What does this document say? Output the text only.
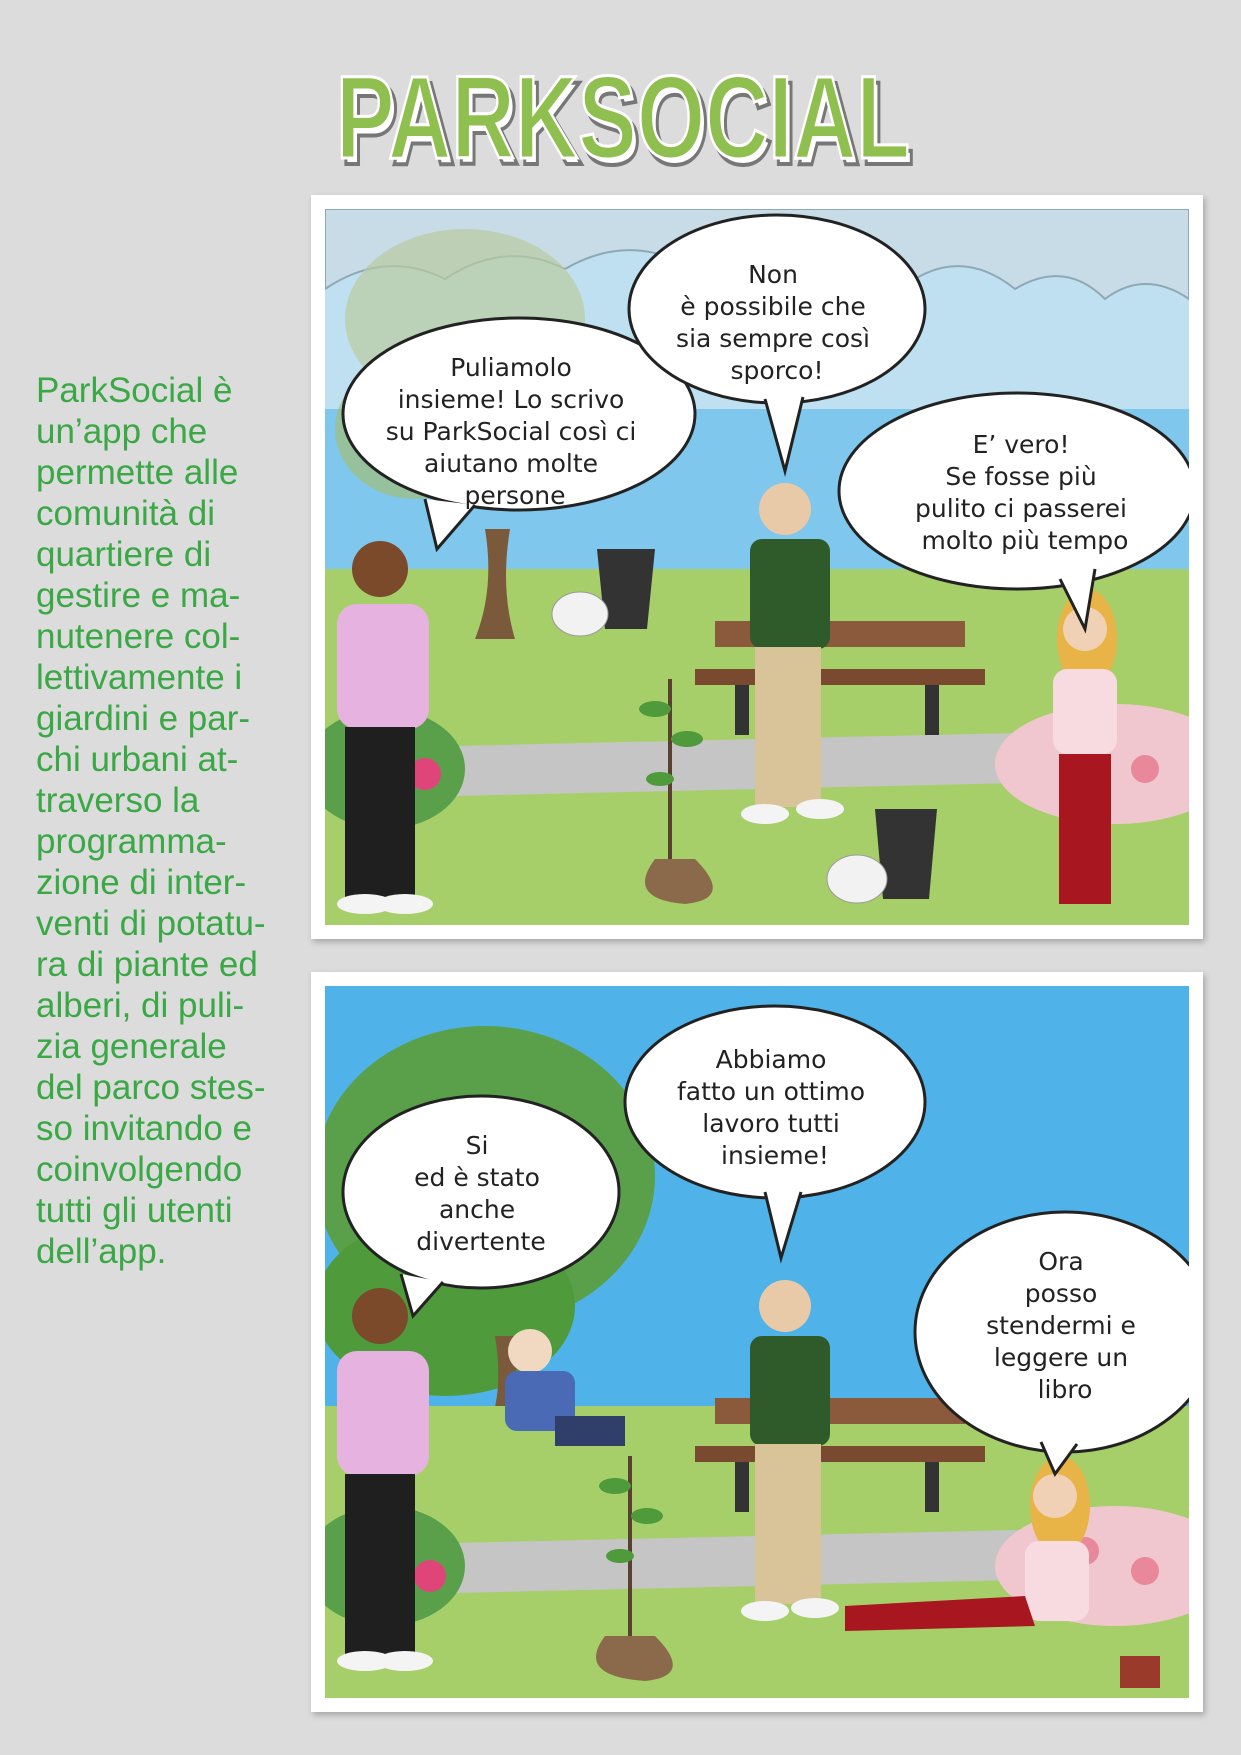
PARKSOCIAL
PARKSOCIAL
ParkSocial è
un’app che
permette alle
comunità di
quartiere di
gestire e ma-
nutenere col-
lettivamente i
giardini e par-
chi urbani at-
traverso la
programma-
zione di inter-
venti di potatu-
ra di piante ed
alberi, di puli-
zia generale
del parco stes-
so invitando e
coinvolgendo
tutti gli utenti
dell’app.
Puliamolo insieme! Lo scrivo su ParkSocial così ci aiutano molte persone
Non è possibile che sia sempre così sporco!
E’ vero! Se fosse più pulito ci passerei molto più tempo
Si ed è stato anche divertente
Abbiamo fatto un ottimo lavoro tutti insieme!
Ora posso stendermi e leggere un libro
